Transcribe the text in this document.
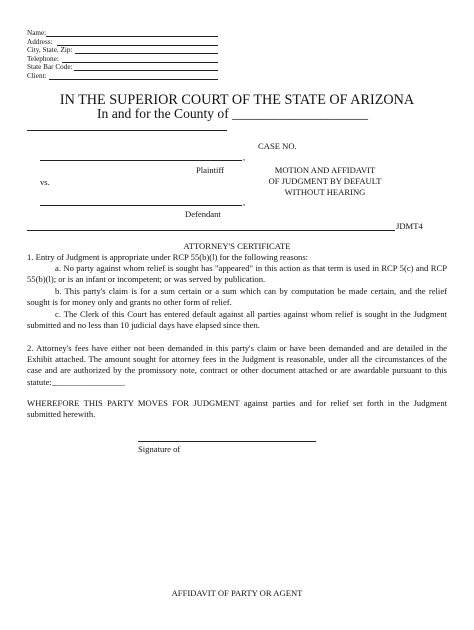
Name:
Address:
City, State, Zip:
Telephone:
State Bar Code:
Client:
IN THE SUPERIOR COURT OF THE STATE OF ARIZONA
In and for the County of ____________________
CASE NO.
,
Plaintiff
vs.
,
Defendant
MOTION AND AFFIDAVIT
OF JUDGMENT BY DEFAULT
WITHOUT HEARING
JDMT4
ATTORNEY'S CERTIFICATE
1. Entry of Judgment is appropriate under RCP 55(b)(l) for the following reasons:
a. No party against whom relief is sought has "appeared" in this action as that term is used in RCP 5(c) and RCP 55(b)(l); or is an infant or incompetent; or was served by publication.
b. This party's claim is for a sum certain or a sum which can by computation be made certain, and the relief sought is for money only and grants no other form of relief.
c. The Clerk of this Court has entered default against all parties against whom relief is sought in the Judgment submitted and no less than 10 judicial days have elapsed since then.
2. Attorney's fees have either not been demanded in this party's claim or have been demanded and are detailed in the Exhibit attached. The amount sought for attorney fees in the Judgment is reasonable, under all the circumstances of the case and are authorized by the promissory note, contract or other document attached or are awardable pursuant to this statute:_________________
WHEREFORE THIS PARTY MOVES FOR JUDGMENT against parties and for relief set forth in the Judgment submitted herewith.
Signature of
AFFIDAVIT OF PARTY OR AGENT
